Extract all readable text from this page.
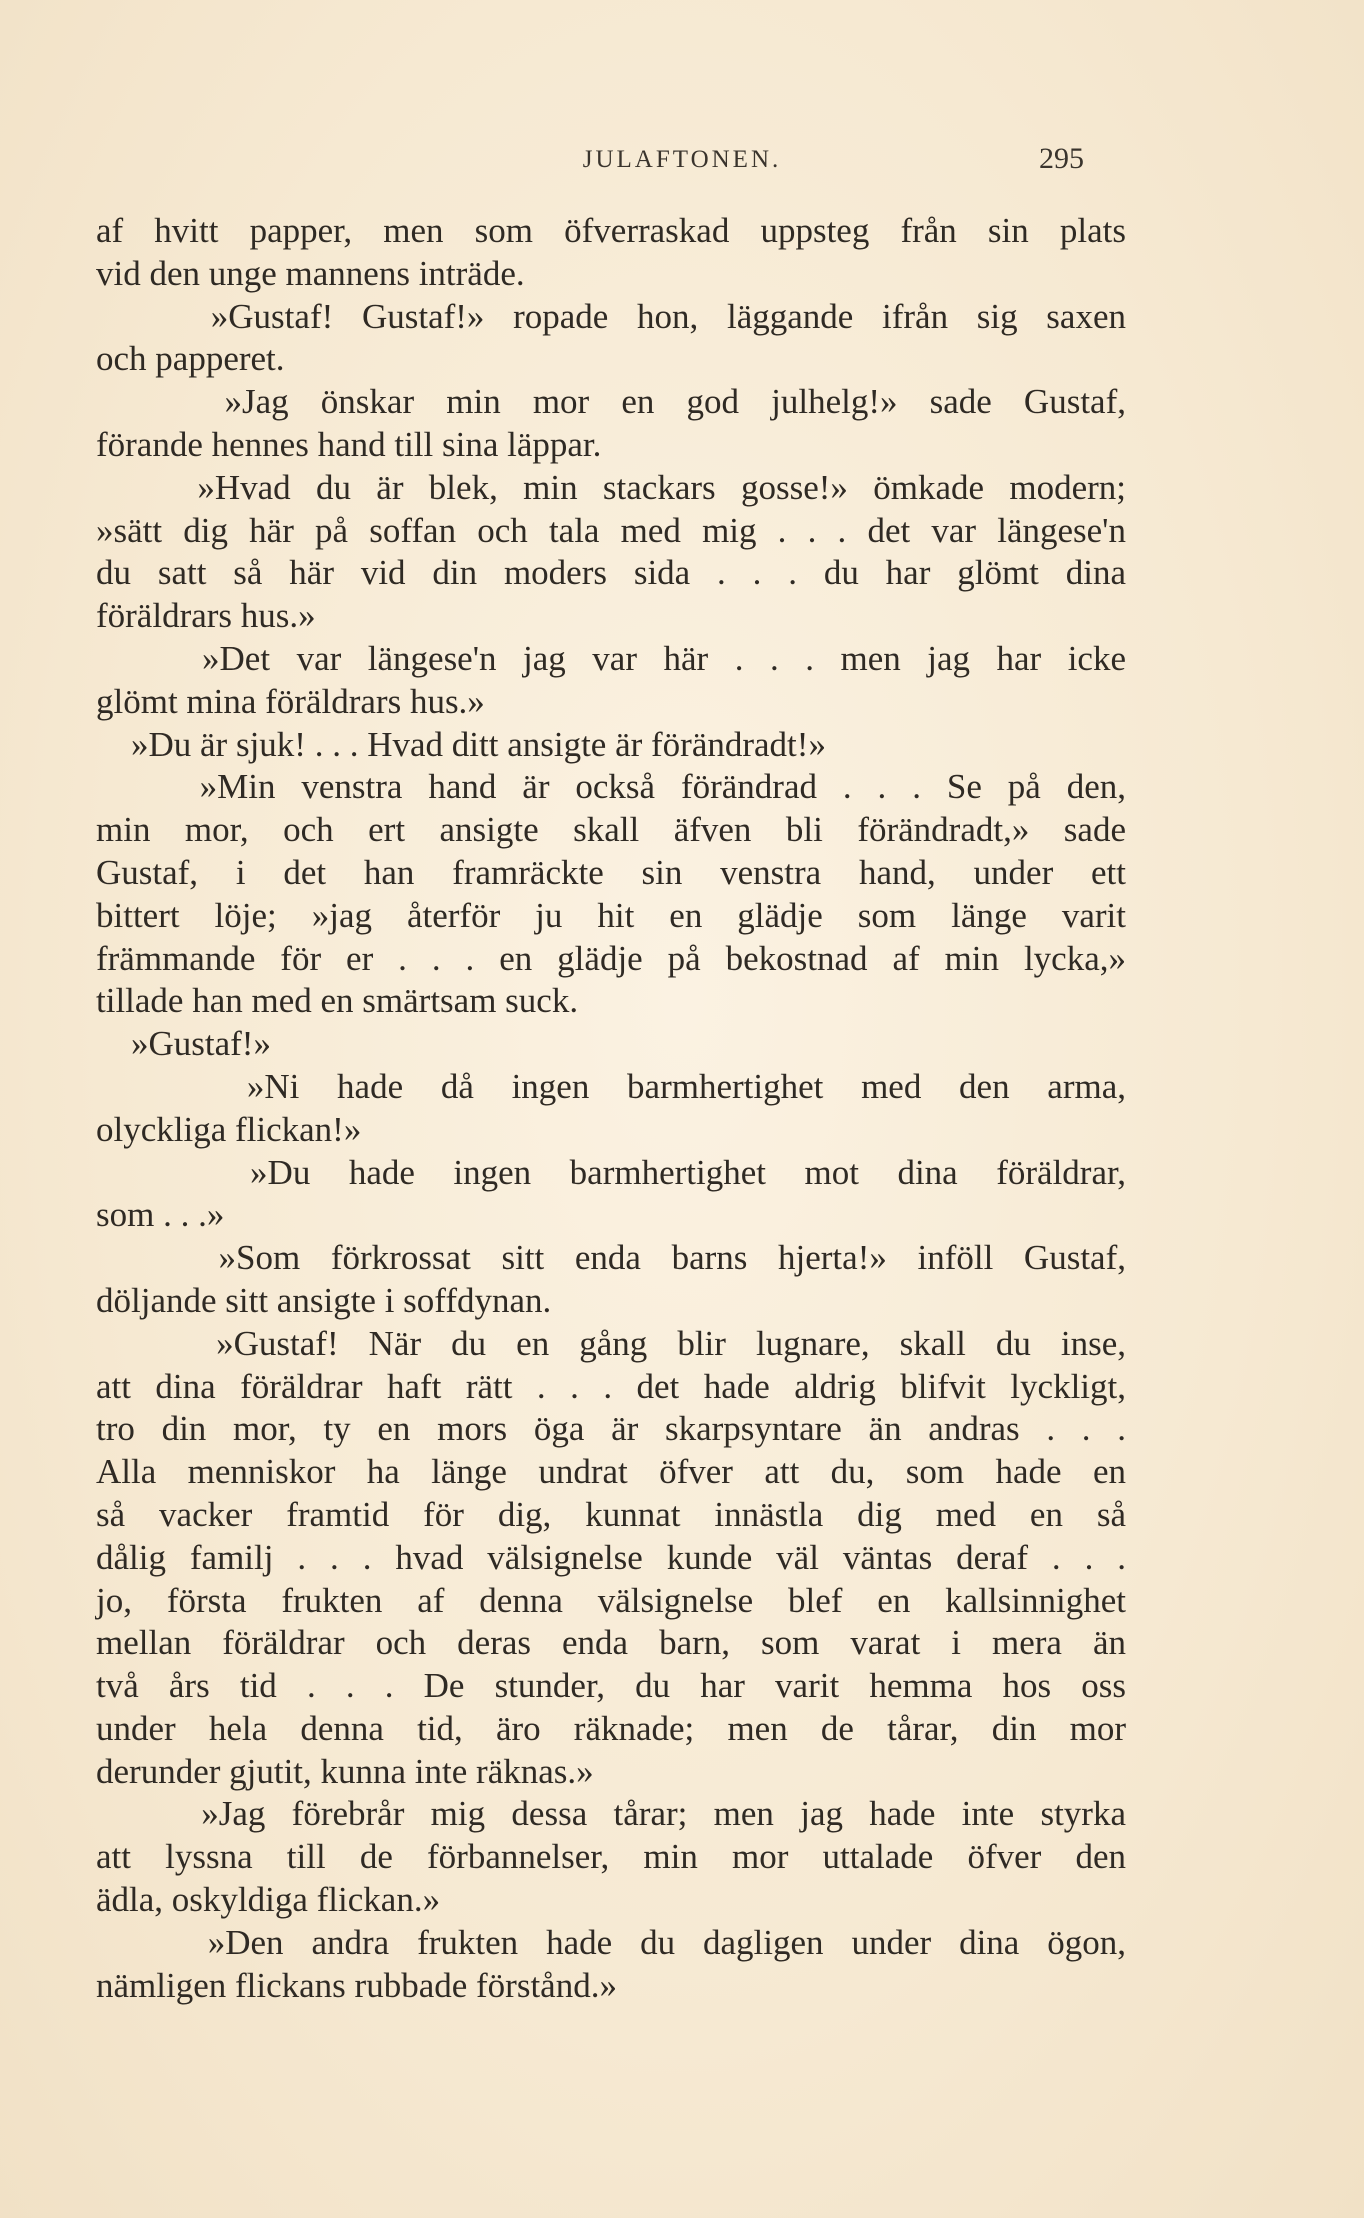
JULAFTONEN.	295
af hvitt papper, men som öfverraskad uppsteg från sin plats
vid den unge mannens inträde.
»Gustaf! Gustaf!» ropade hon, läggande ifrån sig saxen
och papperet.
»Jag önskar min mor en god julhelg!» sade Gustaf,
förande hennes hand till sina läppar.
»Hvad du är blek, min stackars gosse!» ömkade modern;
»sätt dig här på soffan och tala med mig . . . det var längese'n
du satt så här vid din moders sida . . . du har glömt dina
föräldrars hus.»
»Det var längese'n jag var här . . . men jag har icke
glömt mina föräldrars hus.»
»Du är sjuk! . . . Hvad ditt ansigte är förändradt!»
»Min venstra hand är också förändrad . . . Se på den,
min mor, och ert ansigte skall äfven bli förändradt,» sade
Gustaf, i det han framräckte sin venstra hand, under ett
bittert löje; »jag återför ju hit en glädje som länge varit
främmande för er . . . en glädje på bekostnad af min lycka,»
tillade han med en smärtsam suck.
»Gustaf!»
»Ni hade då ingen barmhertighet med den arma,
olyckliga flickan!»
»Du hade ingen barmhertighet mot dina föräldrar,
som . . .»
»Som förkrossat sitt enda barns hjerta!» inföll Gustaf,
döljande sitt ansigte i soffdynan.
»Gustaf! När du en gång blir lugnare, skall du inse,
att dina föräldrar haft rätt . . . det hade aldrig blifvit lyckligt,
tro din mor, ty en mors öga är skarpsyntare än andras . . .
Alla menniskor ha länge undrat öfver att du, som hade en
så vacker framtid för dig, kunnat innästla dig med en så
dålig familj . . . hvad välsignelse kunde väl väntas deraf . . .
jo, första frukten af denna välsignelse blef en kallsinnighet
mellan föräldrar och deras enda barn, som varat i mera än
två års tid . . . De stunder, du har varit hemma hos oss
under hela denna tid, äro räknade; men de tårar, din mor
derunder gjutit, kunna inte räknas.»
»Jag förebrår mig dessa tårar; men jag hade inte styrka
att lyssna till de förbannelser, min mor uttalade öfver den
ädla, oskyldiga flickan.»
»Den andra frukten hade du dagligen under dina ögon,
nämligen flickans rubbade förstånd.»
